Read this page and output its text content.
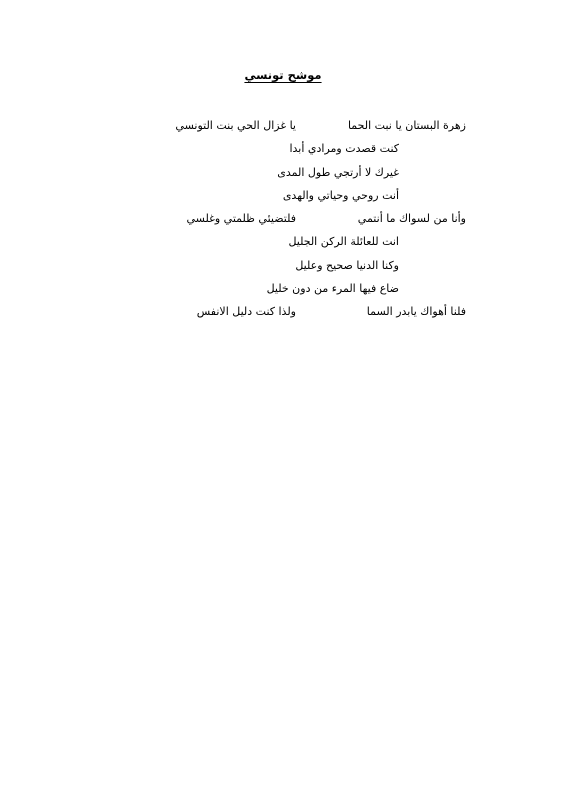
موشح تونسي
زهرة البستان يا نبت الحمايا غزال الحي بنت التونسي
كنت قصدت ومرادي أبدا
غيرك لا أرتجي طول المدى
أنت روحي وحياتي والهدى
وأنا من لسواك ما أنتميفلتضيئي ظلمتي وغلسي
انت للعائلة الركن الجليل
وكنا الدنيا صحيح وعليل
ضاع فيها المرء من دون خليل
فلنا أهواك يابدر السماولذا كنت دليل الانفس
